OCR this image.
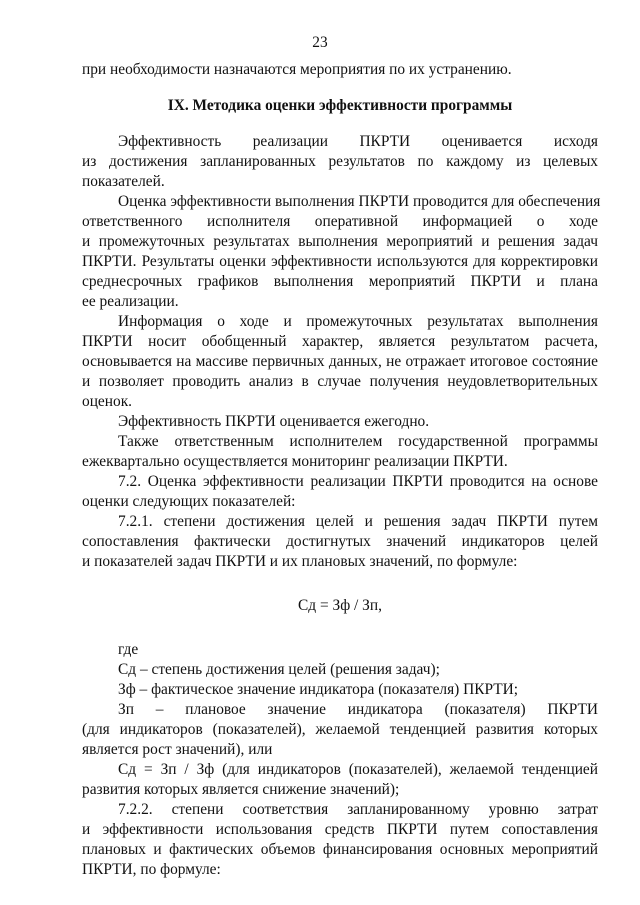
23
при необходимости назначаются мероприятия по их устранению.
IX. Методика оценки эффективности программы
Эффективность реализации ПКРТИ оценивается исходя
из достижения запланированных результатов по каждому из целевых
показателей.
Оценка эффективности выполнения ПКРТИ проводится для обеспечения
ответственного исполнителя оперативной информацией о ходе
и промежуточных результатах выполнения мероприятий и решения задач
ПКРТИ. Результаты оценки эффективности используются для корректировки
среднесрочных графиков выполнения мероприятий ПКРТИ и плана
ее реализации.
Информация о ходе и промежуточных результатах выполнения
ПКРТИ носит обобщенный характер, является результатом расчета,
основывается на массиве первичных данных, не отражает итоговое состояние
и позволяет проводить анализ в случае получения неудовлетворительных
оценок.
Эффективность ПКРТИ оценивается ежегодно.
Также ответственным исполнителем государственной программы
ежеквартально осуществляется мониторинг реализации ПКРТИ.
7.2. Оценка эффективности реализации ПКРТИ проводится на основе
оценки следующих показателей:
7.2.1. степени достижения целей и решения задач ПКРТИ путем
сопоставления фактически достигнутых значений индикаторов целей
и показателей задач ПКРТИ и их плановых значений, по формуле:
Сд = Зф / Зп,
где
Сд – степень достижения целей (решения задач);
Зф – фактическое значение индикатора (показателя) ПКРТИ;
Зп – плановое значение индикатора (показателя) ПКРТИ
(для индикаторов (показателей), желаемой тенденцией развития которых
является рост значений), или
Сд = Зп / Зф (для индикаторов (показателей), желаемой тенденцией
развития которых является снижение значений);
7.2.2. степени соответствия запланированному уровню затрат
и эффективности использования средств ПКРТИ путем сопоставления
плановых и фактических объемов финансирования основных мероприятий
ПКРТИ, по формуле:
